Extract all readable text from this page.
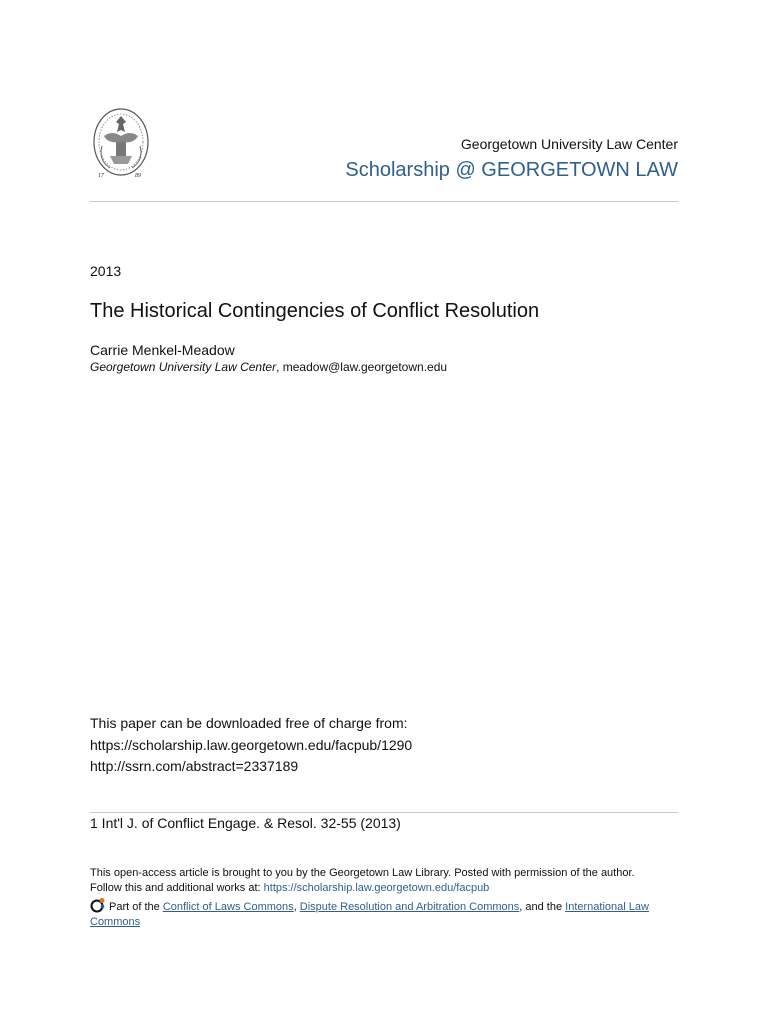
17	89
Georgetown University Law Center
Scholarship @ GEORGETOWN LAW
2013
The Historical Contingencies of Conflict Resolution
Carrie Menkel-Meadow
Georgetown University Law Center, meadow@law.georgetown.edu
This paper can be downloaded free of charge from:
https://scholarship.law.georgetown.edu/facpub/1290
http://ssrn.com/abstract=2337189
1 Int'l J. of Conflict Engage. & Resol. 32-55 (2013)
This open-access article is brought to you by the Georgetown Law Library. Posted with permission of the author.
Follow this and additional works at: https://scholarship.law.georgetown.edu/facpub
Part of the Conflict of Laws Commons, Dispute Resolution and Arbitration Commons, and the International Law Commons
